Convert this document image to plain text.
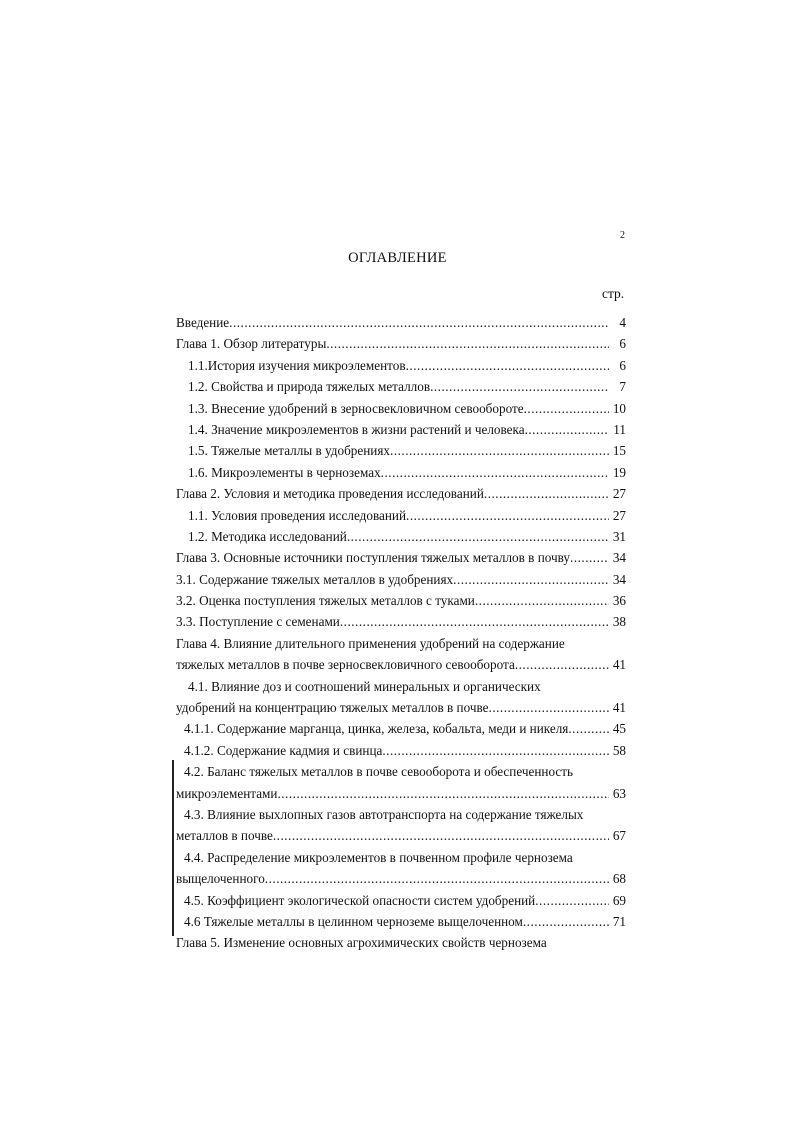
2
ОГЛАВЛЕНИЕ
стр.
Введение .....	4
Глава 1. Обзор литературы .....	6
1.1.История изучения микроэлементов .....	6
1.2. Свойства и природа тяжелых металлов .....	7
1.3. Внесение удобрений в зерносвекловичном севообороте .....	10
1.4. Значение микроэлементов в жизни растений и человека .....	11
1.5. Тяжелые металлы в удобрениях .....	15
1.6. Микроэлементы в черноземах .....	19
Глава 2. Условия и методика проведения исследований .....	27
1.1. Условия проведения исследований .....	27
1.2. Методика исследований .....	31
Глава 3. Основные источники поступления тяжелых металлов в почву .....	34
3.1. Содержание тяжелых металлов в удобрениях .....	34
3.2. Оценка поступления тяжелых металлов с туками .....	36
3.3. Поступление с семенами .....	38
Глава 4. Влияние длительного применения удобрений на содержание
тяжелых металлов в почве зерносвекловичного севооборота .....	41
4.1. Влияние доз и соотношений минеральных и органических
удобрений на концентрацию тяжелых металлов в почве .....	41
4.1.1. Содержание марганца, цинка, железа, кобальта, меди и никеля .....	45
4.1.2. Содержание кадмия и свинца .....	58
4.2. Баланс тяжелых металлов в почве севооборота и обеспеченность
микроэлементами .....	63
4.3. Влияние выхлопных газов автотранспорта на содержание тяжелых
металлов в почве .....	67
4.4. Распределение микроэлементов в почвенном профиле чернозема
выщелоченного .....	68
4.5. Коэффициент экологической опасности систем удобрений .....	69
4.6 Тяжелые металлы в целинном черноземе выщелоченном .....	71
Глава 5. Изменение основных агрохимических свойств чернозема
